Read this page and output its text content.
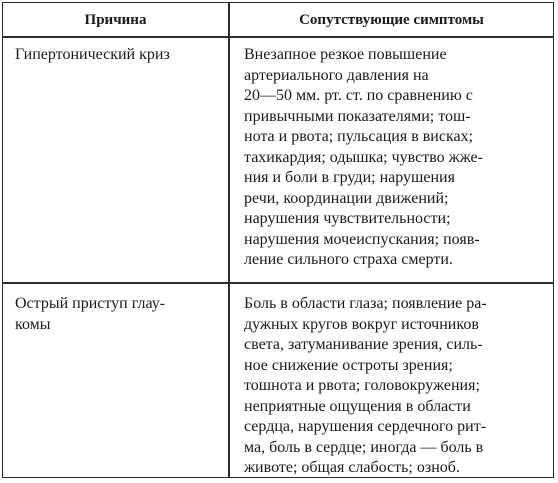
Причина	Сопутствующие симптомы
Гипертонический криз	Внезапное резкое повышение
артериального давления на
20—50 мм. рт. ст. по сравнению с
привычными показателями; тош-
нота и рвота; пульсация в висках;
тахикардия; одышка; чувство жже-
ния и боли в груди; нарушения
речи, координации движений;
нарушения чувствительности;
нарушения мочеиспускания; появ-
ление сильного страха смерти.
Острый приступ глау-
комы
Боль в области глаза; появление ра-
дужных кругов вокруг источников
света, затуманивание зрения, силь-
ное снижение остроты зрения;
тошнота и рвота; головокружения;
неприятные ощущения в области
сердца, нарушения сердечного рит-
ма, боль в сердце; иногда — боль в
животе; общая слабость; озноб.
